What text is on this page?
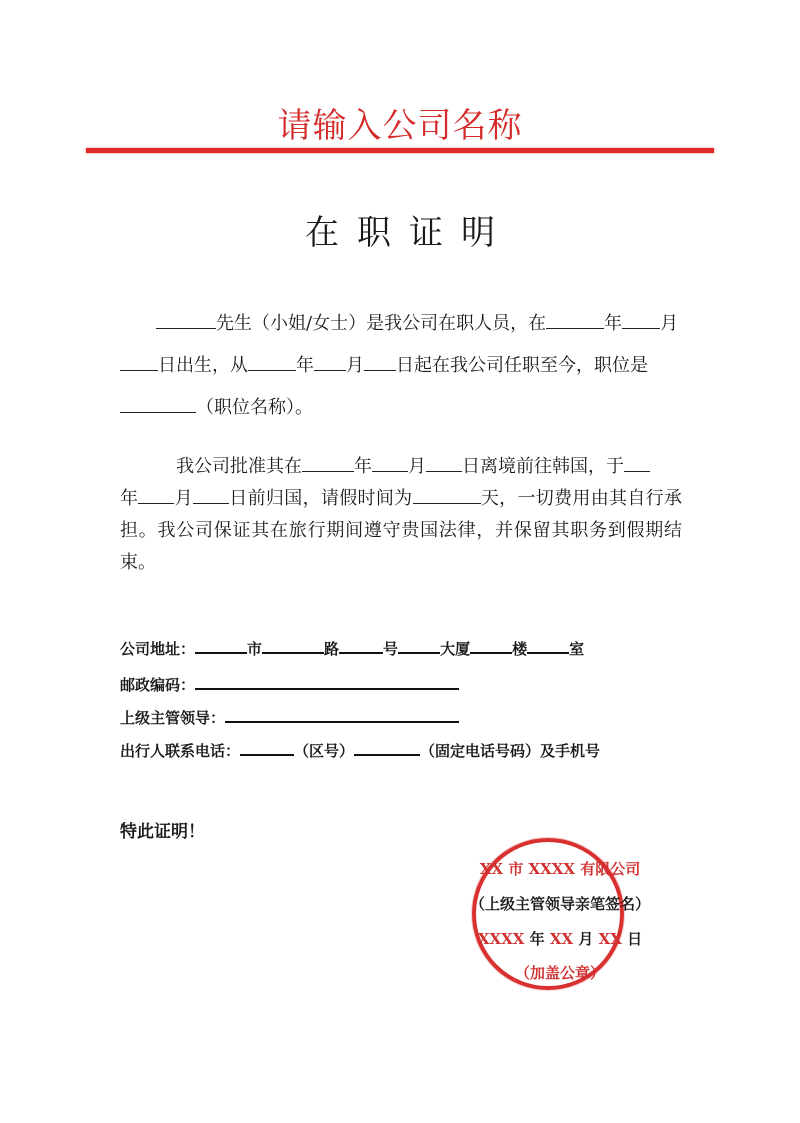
请输入公司名称
在职证明
先生（小姐/女士）是我公司在职人员，在	年 月
日出生，从	年 月 日起在我公司任职至今，职位是
（职位名称）。
我公司批准其在	年 月 日离境前往韩国，于
年 月 日前归国，请假时间为	天，一切费用由其自行承担。我公司保证其在旅行期间遵守贵国法律，并保留其职务到假期结束。
公司地址：	市	路	号	大厦	楼	室
邮政编码：
上级主管领导：
出行人联系电话：	（区号）	（固定电话号码）及手机号
特此证明！
XX 市 XXXX 有限公司
（上级主管领导亲笔签名）
XXXX 年 XX 月 XX 日
（加盖公章）
